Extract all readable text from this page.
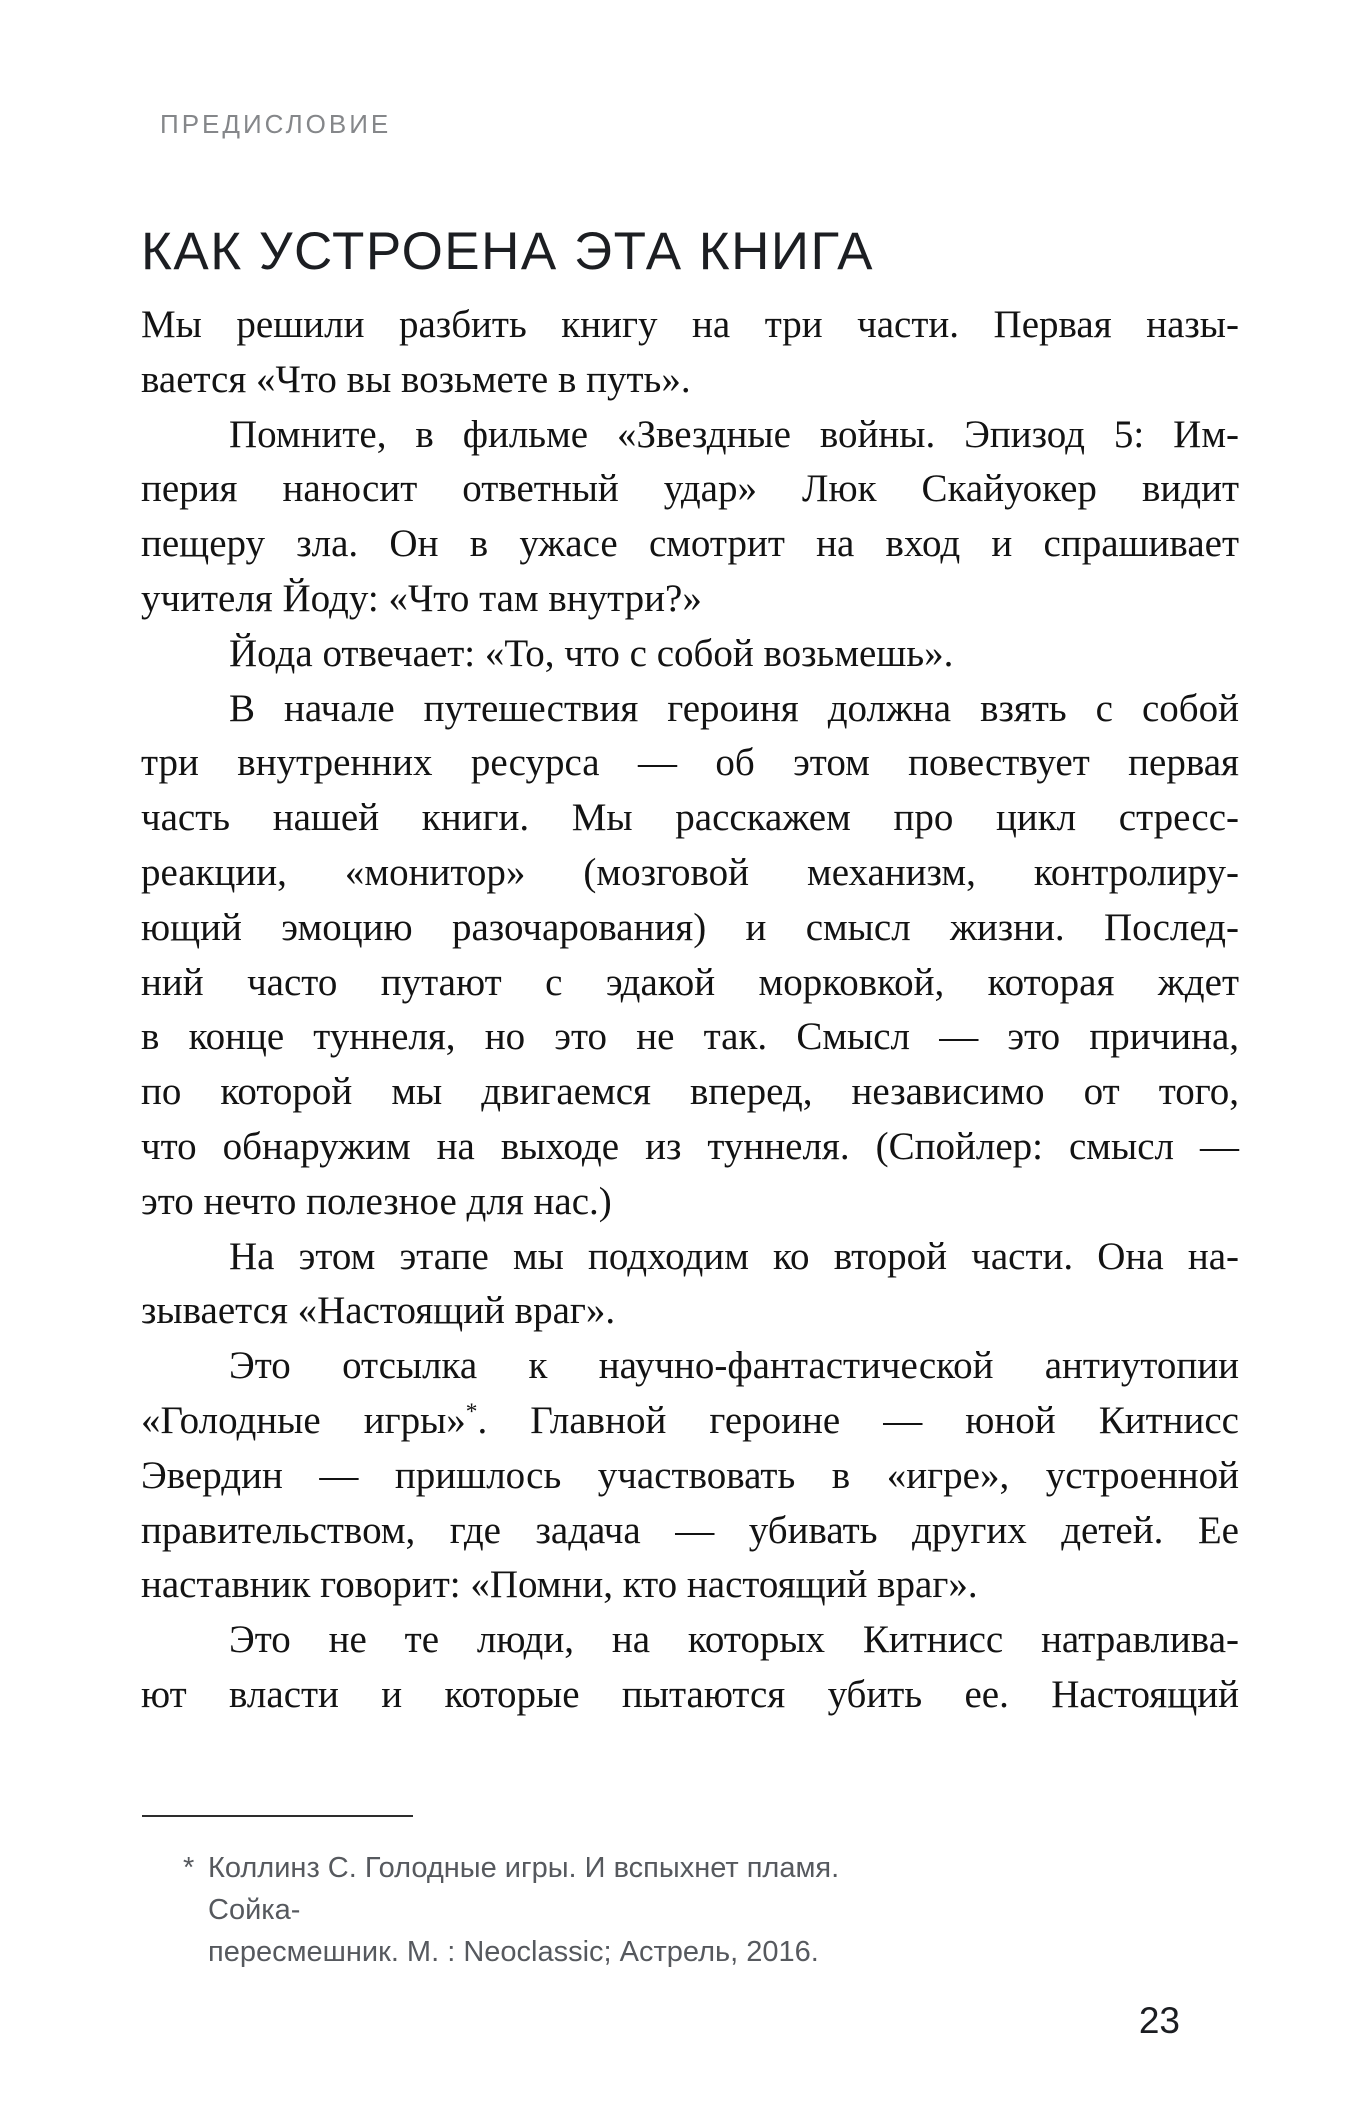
ПРЕДИСЛОВИЕ
КАК УСТРОЕНА ЭТА КНИГА
Мы решили разбить книгу на три части. Первая назы-
вается «Что вы возьмете в путь».
Помните, в фильме «Звездные войны. Эпизод 5: Им-
перия наносит ответный удар» Люк Скайуокер видит
пещеру зла. Он в ужасе смотрит на вход и спрашивает
учителя Йоду: «Что там внутри?»
Йода отвечает: «То, что с собой возьмешь».
В начале путешествия героиня должна взять с собой
три внутренних ресурса — об этом повествует первая
часть нашей книги. Мы расскажем про цикл стресс-
реакции, «монитор» (мозговой механизм, контролиру-
ющий эмоцию разочарования) и смысл жизни. Послед-
ний часто путают с эдакой морковкой, которая ждет
в конце туннеля, но это не так. Смысл — это причина,
по которой мы двигаемся вперед, независимо от того,
что обнаружим на выходе из туннеля. (Спойлер: смысл —
это нечто полезное для нас.)
На этом этапе мы подходим ко второй части. Она на-
зывается «Настоящий враг».
Это отсылка к научно-фантастической антиутопии
«Голодные игры»*. Главной героине — юной Китнисс
Эвердин — пришлось участвовать в «игре», устроенной
правительством, где задача — убивать других детей. Ее
наставник говорит: «Помни, кто настоящий враг».
Это не те люди, на которых Китнисс натравлива-
ют власти и которые пытаются убить ее. Настоящий
* Коллинз С. Голодные игры. И вспыхнет пламя. Сойка-
пересмешник. М. : Neoclassic; Астрель, 2016.
23
